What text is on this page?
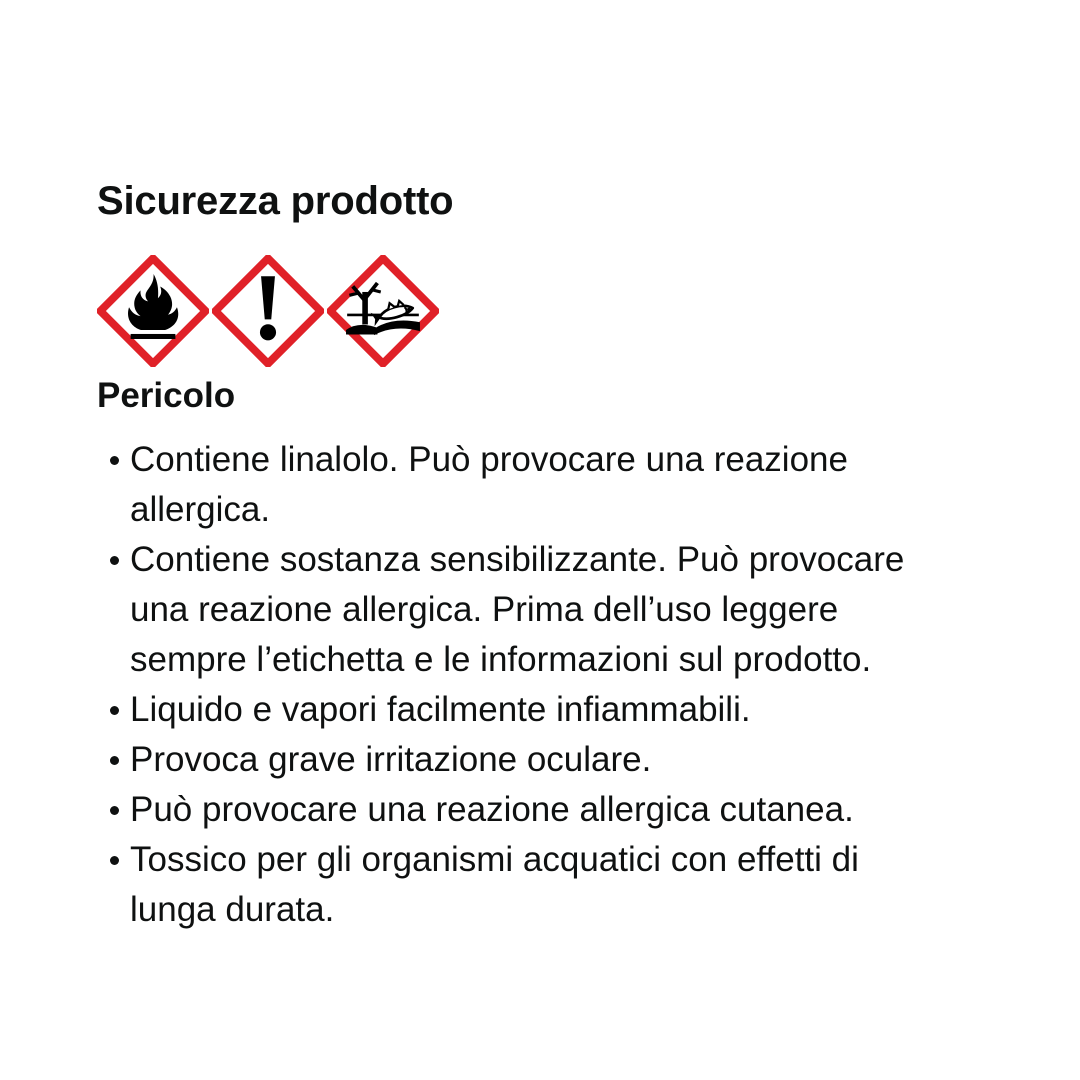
Sicurezza prodotto
Pericolo
Contiene linalolo. Può provocare una reazione allergica.
Contiene sostanza sensibilizzante. Può provocare una reazione allergica. Prima dell’uso leggere sempre l’etichetta e le informazioni sul prodotto.
Liquido e vapori facilmente infiammabili.
Provoca grave irritazione oculare.
Può provocare una reazione allergica cutanea.
Tossico per gli organismi acquatici con effetti di lunga durata.
